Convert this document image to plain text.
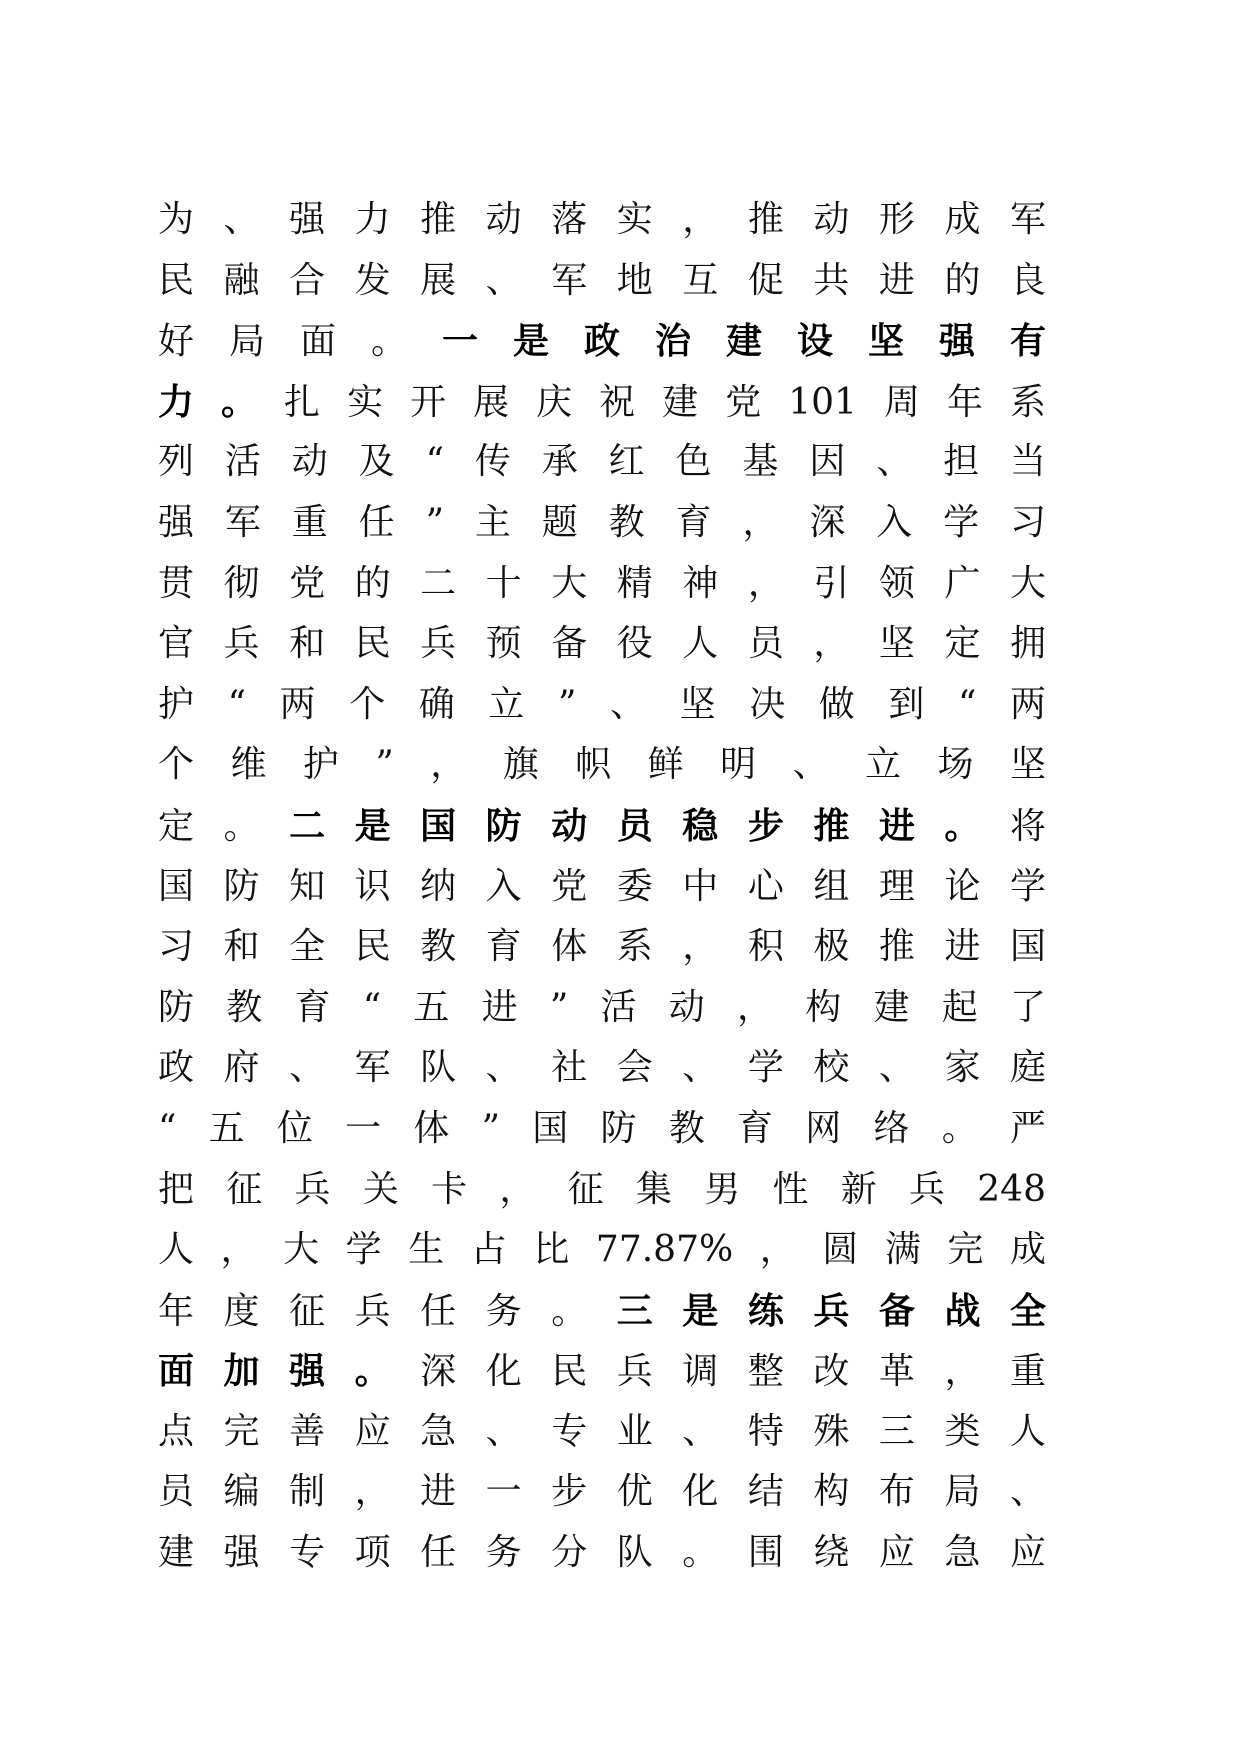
为、强力推动落实，推动形成军
民融合发展、军地互促共进的良
好局面。一是政治建设坚强有
力。扎实开展庆祝建党101周年系
列活动及“传承红色基因、担当
强军重任”主题教育，深入学习
贯彻党的二十大精神，引领广大
官兵和民兵预备役人员，坚定拥
护“两个确立”、坚决做到“两
个维护”，旗帜鲜明、立场坚
定。二是国防动员稳步推进。将
国防知识纳入党委中心组理论学
习和全民教育体系，积极推进国
防教育“五进”活动，构建起了
政府、军队、社会、学校、家庭
“五位一体”国防教育网络。严
把征兵关卡，征集男性新兵248
人，大学生占比77.87%，圆满完成
年度征兵任务。三是练兵备战全
面加强。深化民兵调整改革，重
点完善应急、专业、特殊三类人
员编制，进一步优化结构布局、
建强专项任务分队。围绕应急应
